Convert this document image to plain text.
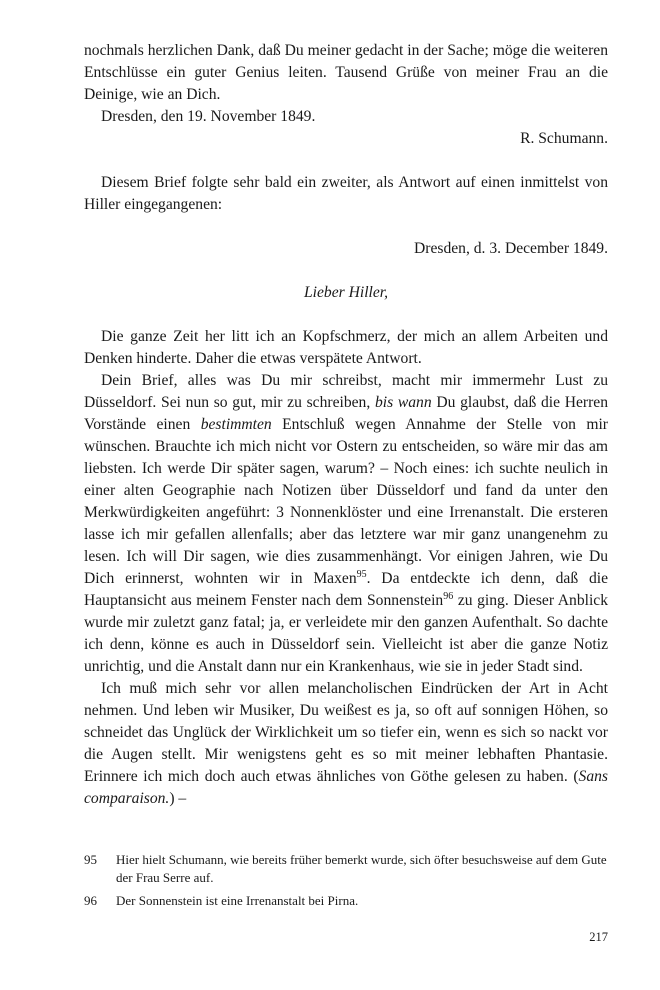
nochmals herzlichen Dank, daß Du meiner gedacht in der Sache; möge die weiteren Entschlüsse ein guter Genius leiten. Tausend Grüße von meiner Frau an die Deinige, wie an Dich.

Dresden, den 19. November 1849.

R. Schumann.

Diesem Brief folgte sehr bald ein zweiter, als Antwort auf einen inmittelst von Hiller eingegangenen:

Dresden, d. 3. December 1849.

Lieber Hiller,

Die ganze Zeit her litt ich an Kopfschmerz, der mich an allem Arbeiten und Denken hinderte. Daher die etwas verspätete Antwort.

Dein Brief, alles was Du mir schreibst, macht mir immermehr Lust zu Düsseldorf. Sei nun so gut, mir zu schreiben, bis wann Du glaubst, daß die Herren Vorstände einen bestimmten Entschluß wegen Annahme der Stelle von mir wünschen. Brauchte ich mich nicht vor Ostern zu entscheiden, so wäre mir das am liebsten. Ich werde Dir später sagen, warum? – Noch eines: ich suchte neulich in einer alten Geographie nach Notizen über Düsseldorf und fand da unter den Merkwürdigkeiten angeführt: 3 Nonnenklöster und eine Irrenanstalt. Die ersteren lasse ich mir gefallen allenfalls; aber das letztere war mir ganz unangenehm zu lesen. Ich will Dir sagen, wie dies zusammenhängt. Vor einigen Jahren, wie Du Dich erinnerst, wohnten wir in Maxen$^{95}$. Da entdeckte ich denn, daß die Hauptansicht aus meinem Fenster nach dem Sonnenstein$^{96}$ zu ging. Dieser Anblick wurde mir zuletzt ganz fatal; ja, er verleidete mir den ganzen Aufenthalt. So dachte ich denn, könne es auch in Düsseldorf sein. Vielleicht ist aber die ganze Notiz unrichtig, und die Anstalt dann nur ein Krankenhaus, wie sie in jeder Stadt sind.

Ich muß mich sehr vor allen melancholischen Eindrücken der Art in Acht nehmen. Und leben wir Musiker, Du weißest es ja, so oft auf sonnigen Höhen, so schneidet das Unglück der Wirklichkeit um so tiefer ein, wenn es sich so nackt vor die Augen stellt. Mir wenigstens geht es so mit meiner lebhaften Phantasie. Erinnere ich mich doch auch etwas ähnliches von Göthe gelesen zu haben. (Sans comparaison.) –

95	Hier hielt Schumann, wie bereits früher bemerkt wurde, sich öfter besuchsweise auf dem Gute der Frau Serre auf.
96	Der Sonnenstein ist eine Irrenanstalt bei Pirna.
217
